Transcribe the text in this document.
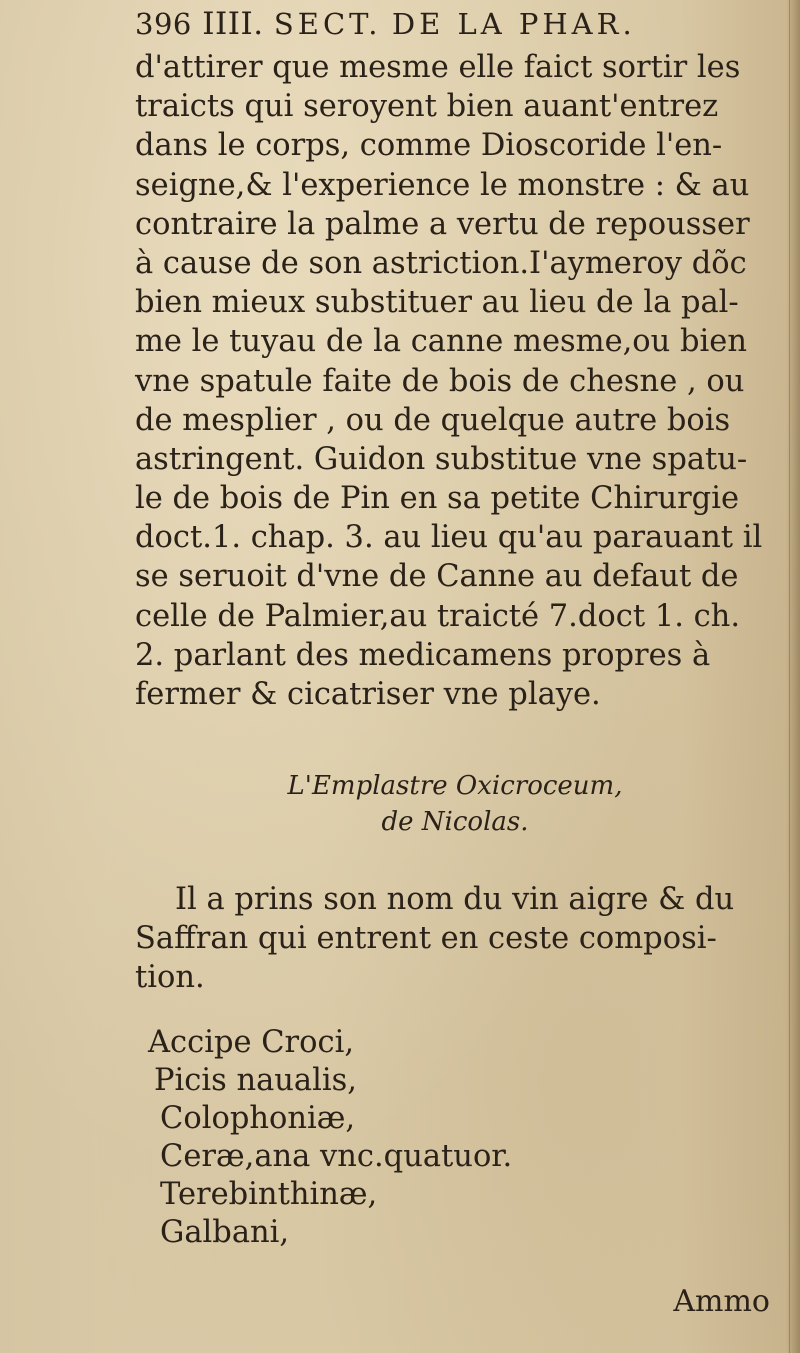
396 IIII. SECT. DE LA PHAR.
d'attirer que mesme elle faict sortir les
traicts qui seroyent bien auant'entrez
dans le corps, comme Dioscoride l'en-
seigne,& l'experience le monstre : & au
contraire la palme a vertu de repousser
à cause de son astriction.I'aymeroy dõc
bien mieux substituer au lieu de la pal-
me le tuyau de la canne mesme,ou bien
vne spatule faite de bois de chesne , ou
de mesplier , ou de quelque autre bois
astringent. Guidon substitue vne spatu-
le de bois de Pin en sa petite Chirurgie
doct.1. chap. 3. au lieu qu'au parauant il
se seruoit d'vne de Canne au defaut de
celle de Palmier,au traicté 7.doct 1. ch.
2. parlant des medicamens propres à
fermer & cicatriser vne playe.
L'Emplastre Oxicroceum,
de Nicolas.
Il a prins son nom du vin aigre & du
Saffran qui entrent en ceste composi-
tion.
Accipe Croci,
Picis naualis,
Colophoniæ,
Ceræ,ana vnc.quatuor.
Terebinthinæ,
Galbani,
Ammo
